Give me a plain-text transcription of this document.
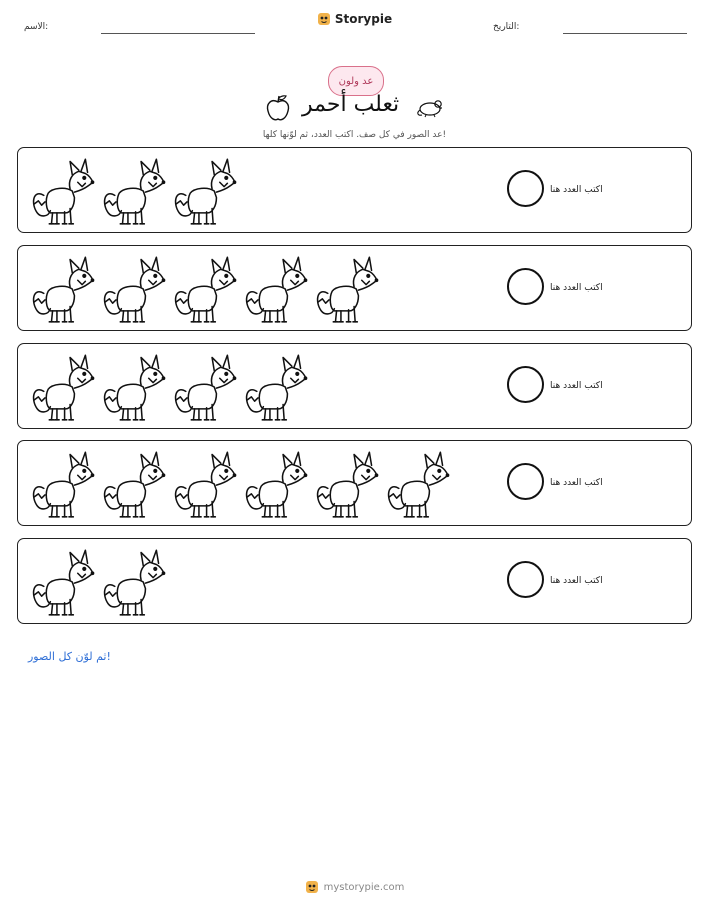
التاريخ:
Storypie
الاسم:
عد ولون
ثعلب أحمر
عد الصور في كل صف. اكتب العدد، ثم لوّنها كلها!
اكتب العدد هنا
اكتب العدد هنا
اكتب العدد هنا
اكتب العدد هنا
اكتب العدد هنا
ثم لوّن كل الصور!
mystorypie.com
